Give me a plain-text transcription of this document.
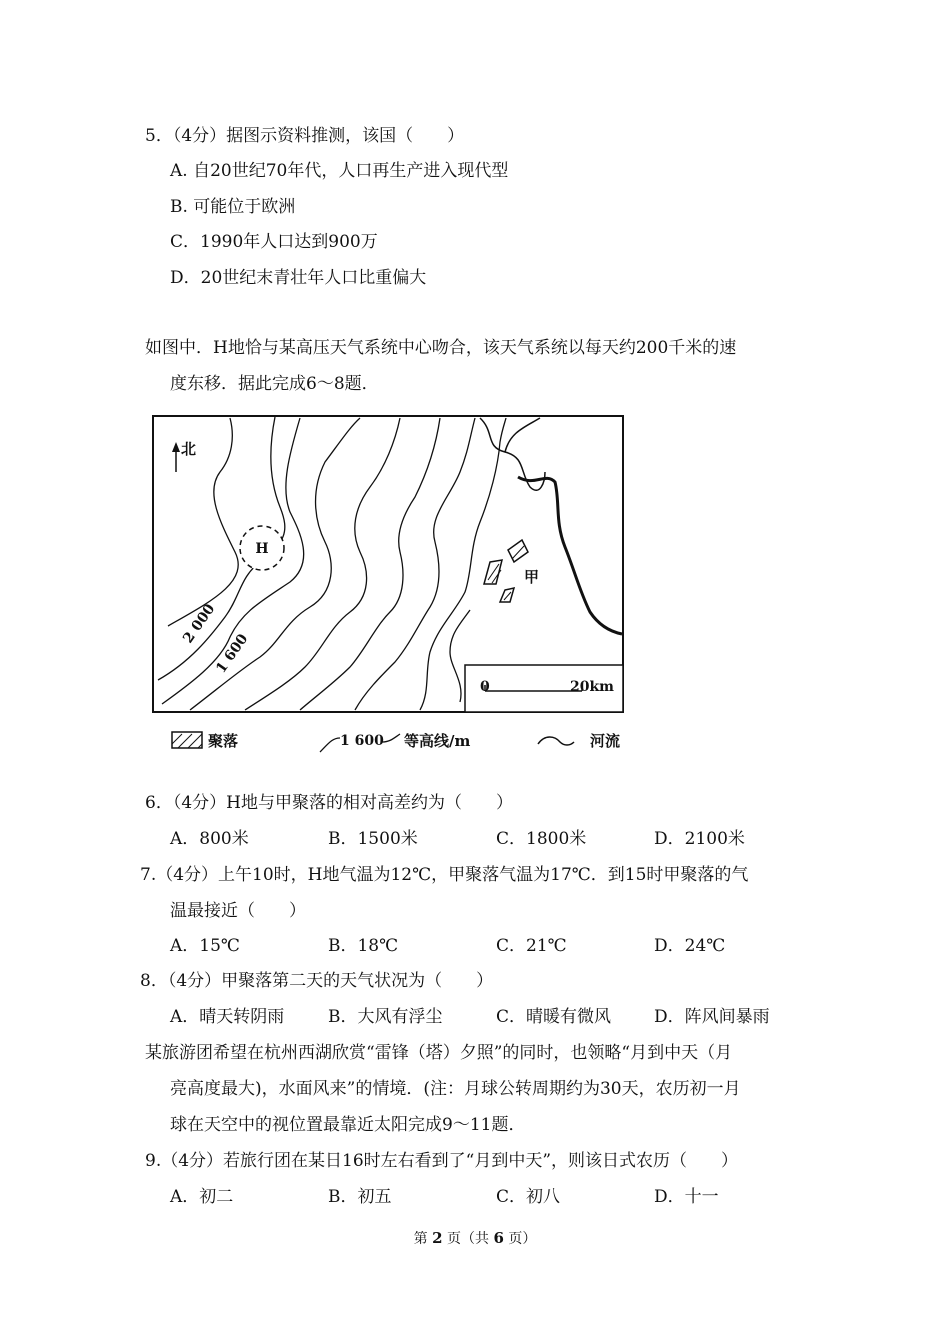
5．（4分）据图示资料推测，该国（　　）
A. 自20世纪70年代，人口再生产进入现代型
B. 可能位于欧洲
C．1990年人口达到900万
D．20世纪末青壮年人口比重偏大
如图中．H地恰与某高压天气系统中心吻合，该天气系统以每天约200千米的速
度东移．据此完成6～8题．
北
H
甲
2 000
1 600
0	20km
聚落	1 600 等高线/m	河流
6．（4分）H地与甲聚落的相对高差约为（　　）
A．800米	B．1500米	C．1800米	D．2100米
7.（4分）上午10时，H地气温为12℃，甲聚落气温为17℃．到15时甲聚落的气
温最接近（　　）
A．15℃	B．18℃	C．21℃	D．24℃
8．（4分）甲聚落第二天的天气状况为（　　）
A．晴天转阴雨	B．大风有浮尘	C．晴暖有微风	D．阵风间暴雨
某旅游团希望在杭州西湖欣赏“雷锋（塔）夕照”的同时，也领略“月到中天（月
亮高度最大)，水面风来”的情境．(注：月球公转周期约为30天，农历初一月
球在天空中的视位置最靠近太阳完成9～11题．
9.（4分）若旅行团在某日16时左右看到了“月到中天”，则该日式农历（　　）
A．初二	B．初五	C．初八	D．十一
第 2 页（共 6 页）
